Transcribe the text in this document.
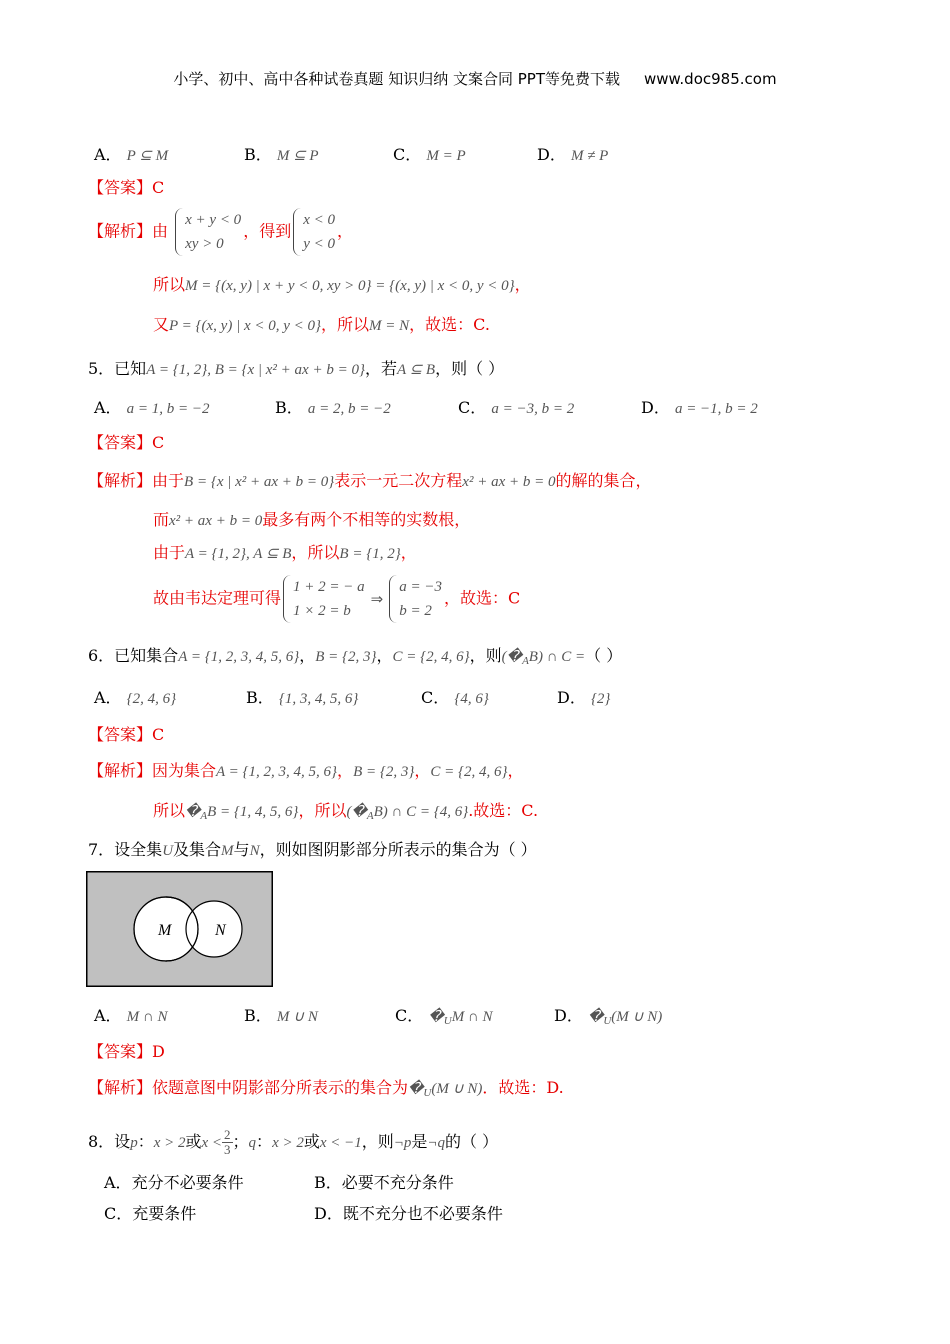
小学、初中、高中各种试卷真题 知识归纳 文案合同 PPT等免费下载 www.doc985.com
A． P ⊆ M	B． M ⊆ P	C． M = P	D． M ≠ P
【答案】C
【解析】由
x + y < 0
xy > 0
，得到
x < 0
y < 0
，
所以M = {(x, y) | x + y < 0, xy > 0} = {(x, y) | x < 0, y < 0}，
又P = {(x, y) | x < 0, y < 0}，所以M = N，故选：C.
5．已知A = {1, 2}, B = {x | x² + ax + b = 0}，若A ⊆ B，则（ ）
A． a = 1, b = −2	B． a = 2, b = −2	C． a = −3, b = 2	D． a = −1, b = 2
【答案】C
【解析】由于B = {x | x² + ax + b = 0}表示一元二次方程x² + ax + b = 0的解的集合，
而x² + ax + b = 0最多有两个不相等的实数根，
由于A = {1, 2}, A ⊆ B，所以B = {1, 2}，
故由韦达定理可得
1 + 2 = − a
1 × 2 = b
⇒
a = −3
b = 2
，故选：C
6．已知集合A = {1, 2, 3, 4, 5, 6}，B = {2, 3}，C = {2, 4, 6}，则$(�_AB)$ ∩ C =（ ）
A． {2, 4, 6}	B． {1, 3, 4, 5, 6}	C． {4, 6}	D． {2}
【答案】C
【解析】因为集合A = {1, 2, 3, 4, 5, 6}，B = {2, 3}，C = {2, 4, 6}，
所以$�_AB = \{1$, 4, 5, 6}，所以$(�_AB)$ ∩ C = {4, 6}.故选：C.
7．设全集U及集合M与N，则如图阴影部分所表示的集合为（ ）
M	N
A． M ∩ N	B． M ∪ N	C． $�_UM$ ∩ N	D． $�_U(M$ ∪ N)
【答案】D
【解析】依题意图中阴影部分所表示的集合为$�_U(M$ ∪ N)．故选：D.
8．设p：x > 2或$x < \frac{2}{3}$ ；q：x > 2或x < −1，则¬p是¬q的（ ）
A．充分不必要条件	B．必要不充分条件
C．充要条件	D．既不充分也不必要条件
